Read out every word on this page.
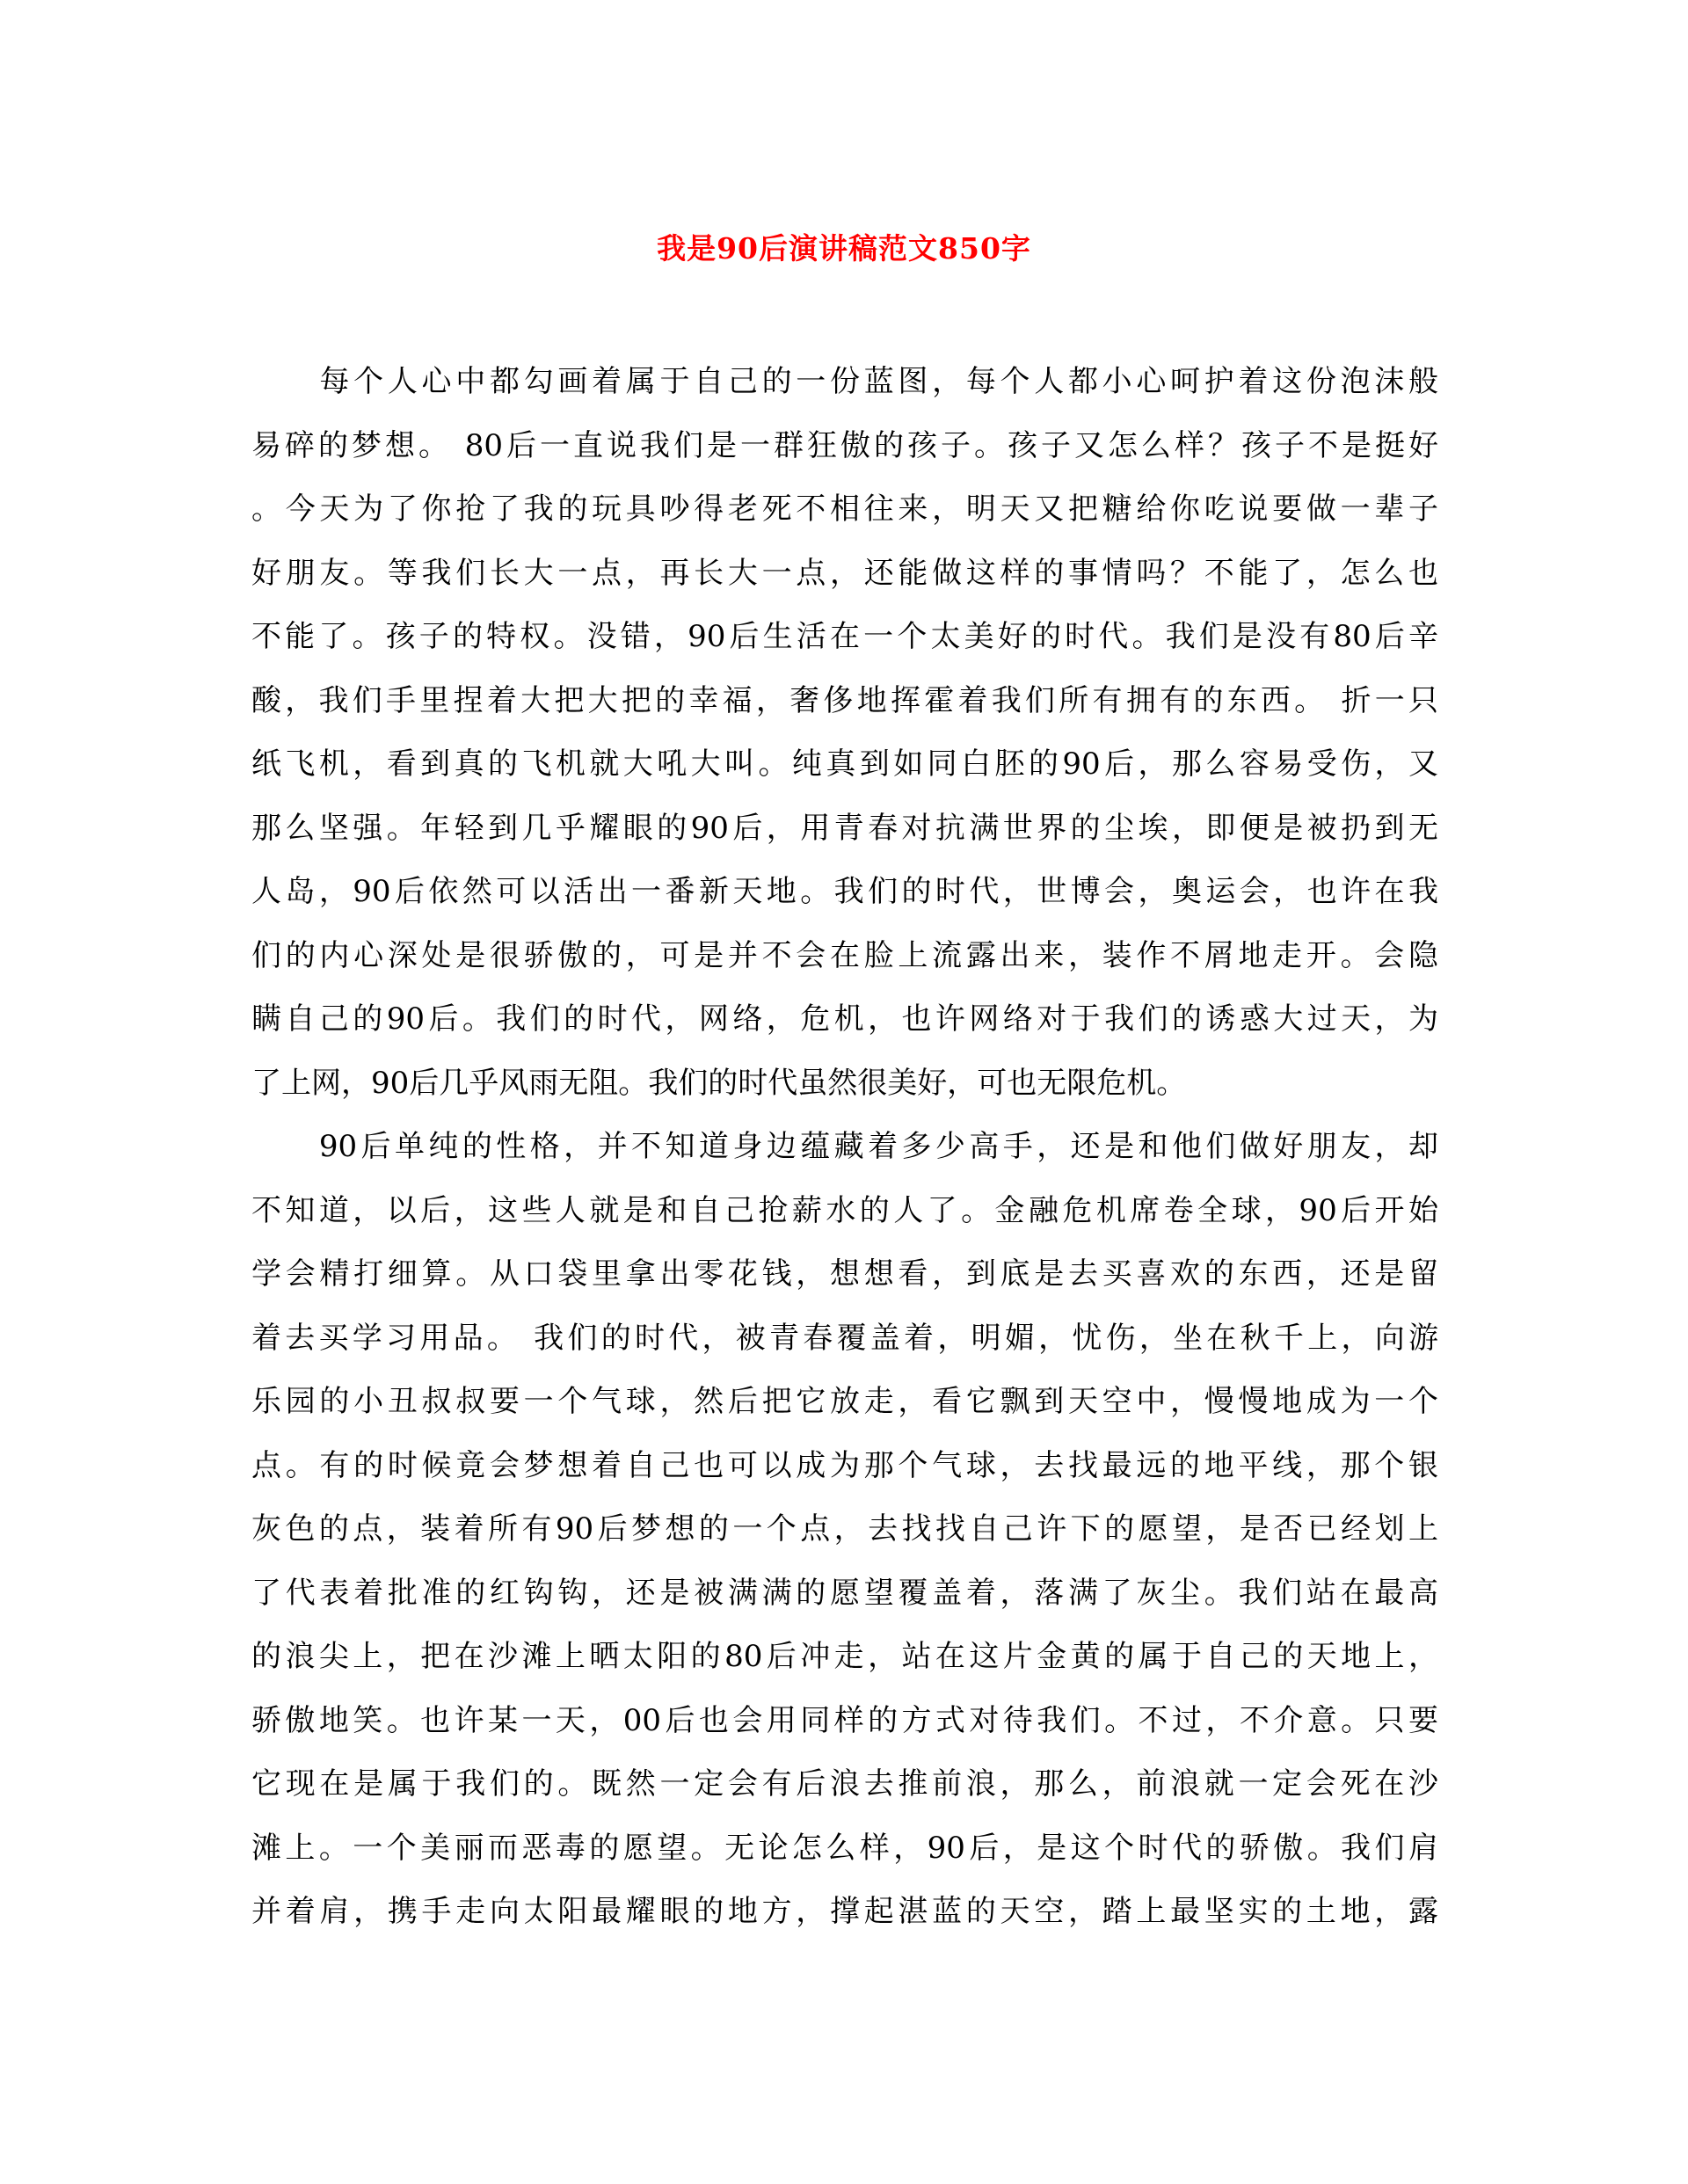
我是90后演讲稿范文850字
　　每个人心中都勾画着属于自己的一份蓝图，每个人都小心呵护着这份泡沫般
易碎的梦想。 80后一直说我们是一群狂傲的孩子。孩子又怎么样？孩子不是挺好
。今天为了你抢了我的玩具吵得老死不相往来，明天又把糖给你吃说要做一辈子
好朋友。等我们长大一点，再长大一点，还能做这样的事情吗？不能了，怎么也
不能了。孩子的特权。没错，90后生活在一个太美好的时代。我们是没有80后辛
酸，我们手里捏着大把大把的幸福，奢侈地挥霍着我们所有拥有的东西。 折一只
纸飞机，看到真的飞机就大吼大叫。纯真到如同白胚的90后，那么容易受伤，又
那么坚强。年轻到几乎耀眼的90后，用青春对抗满世界的尘埃，即便是被扔到无
人岛，90后依然可以活出一番新天地。我们的时代，世博会，奥运会，也许在我
们的内心深处是很骄傲的，可是并不会在脸上流露出来，装作不屑地走开。会隐
瞒自己的90后。我们的时代，网络，危机，也许网络对于我们的诱惑大过天，为
了上网，90后几乎风雨无阻。我们的时代虽然很美好，可也无限危机。
　　90后单纯的性格，并不知道身边蕴藏着多少高手，还是和他们做好朋友，却
不知道，以后，这些人就是和自己抢薪水的人了。金融危机席卷全球，90后开始
学会精打细算。从口袋里拿出零花钱，想想看，到底是去买喜欢的东西，还是留
着去买学习用品。 我们的时代，被青春覆盖着，明媚，忧伤，坐在秋千上，向游
乐园的小丑叔叔要一个气球，然后把它放走，看它飘到天空中，慢慢地成为一个
点。有的时候竟会梦想着自己也可以成为那个气球，去找最远的地平线，那个银
灰色的点，装着所有90后梦想的一个点，去找找自己许下的愿望，是否已经划上
了代表着批准的红钩钩，还是被满满的愿望覆盖着，落满了灰尘。我们站在最高
的浪尖上，把在沙滩上晒太阳的80后冲走，站在这片金黄的属于自己的天地上，
骄傲地笑。也许某一天，00后也会用同样的方式对待我们。不过，不介意。只要
它现在是属于我们的。既然一定会有后浪去推前浪，那么，前浪就一定会死在沙
滩上。一个美丽而恶毒的愿望。无论怎么样，90后，是这个时代的骄傲。我们肩
并着肩，携手走向太阳最耀眼的地方，撑起湛蓝的天空，踏上最坚实的土地，露
